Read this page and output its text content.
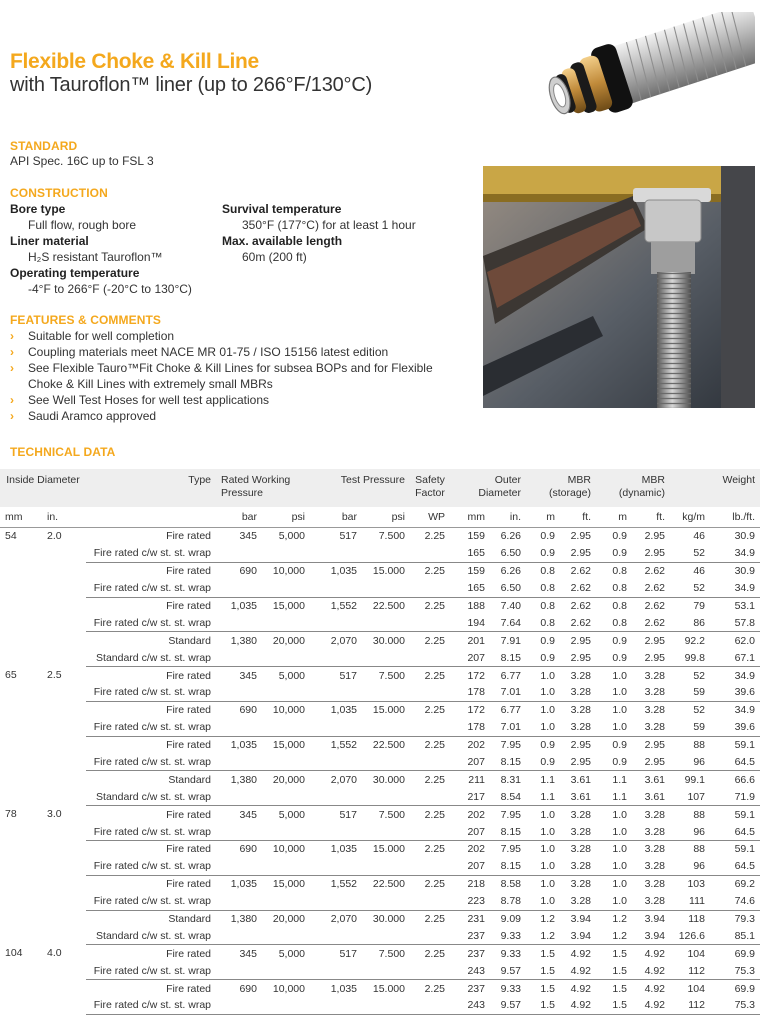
Flexible Choke & Kill Line
with Tauroflon™ liner (up to 266°F/130°C)
STANDARD
API Spec. 16C up to FSL 3
CONSTRUCTION
Bore type
Full flow, rough bore
Liner material
H₂S resistant Tauroflon™
Operating temperature
-4°F to 266°F (-20°C to 130°C)
Survival temperature
350°F (177°C) for at least 1 hour
Max. available length
60m (200 ft)
FEATURES & COMMENTS
› Suitable for well completion
› Coupling materials meet NACE MR 01-75 / ISO 15156 latest edition
› See Flexible Tauro™Fit Choke & Kill Lines for subsea BOPs and for Flexible Choke & Kill Lines with extremely small MBRs
› See Well Test Hoses for well test applications
› Saudi Aramco approved
TECHNICAL DATA
Inside Diameter		Type	Rated Working Pressure		Test Pressure		Safety Factor	Outer Diameter		MBR (storage)		MBR (dynamic)		Weight	
mm	in.		bar	psi	bar	psi	WP	mm	in.	m	ft.	m	ft.	kg/m	lb./ft.
54	2.0	Fire rated	345	5,000	517	7.500	2.25	159	6.26	0.9	2.95	0.9	2.95	46	30.9
		Fire rated c/w st. st. wrap						165	6.50	0.9	2.95	0.9	2.95	52	34.9
		Fire rated	690	10,000	1,035	15.000	2.25	159	6.26	0.8	2.62	0.8	2.62	46	30.9
		Fire rated c/w st. st. wrap						165	6.50	0.8	2.62	0.8	2.62	52	34.9
		Fire rated	1,035	15,000	1,552	22.500	2.25	188	7.40	0.8	2.62	0.8	2.62	79	53.1
		Fire rated c/w st. st. wrap						194	7.64	0.8	2.62	0.8	2.62	86	57.8
		Standard	1,380	20,000	2,070	30.000	2.25	201	7.91	0.9	2.95	0.9	2.95	92.2	62.0
		Standard c/w st. st. wrap						207	8.15	0.9	2.95	0.9	2.95	99.8	67.1
65	2.5	Fire rated	345	5,000	517	7.500	2.25	172	6.77	1.0	3.28	1.0	3.28	52	34.9
		Fire rated c/w st. st. wrap						178	7.01	1.0	3.28	1.0	3.28	59	39.6
		Fire rated	690	10,000	1,035	15.000	2.25	172	6.77	1.0	3.28	1.0	3.28	52	34.9
		Fire rated c/w st. st. wrap						178	7.01	1.0	3.28	1.0	3.28	59	39.6
		Fire rated	1,035	15,000	1,552	22.500	2.25	202	7.95	0.9	2.95	0.9	2.95	88	59.1
		Fire rated c/w st. st. wrap						207	8.15	0.9	2.95	0.9	2.95	96	64.5
		Standard	1,380	20,000	2,070	30.000	2.25	211	8.31	1.1	3.61	1.1	3.61	99.1	66.6
		Standard c/w st. st. wrap						217	8.54	1.1	3.61	1.1	3.61	107	71.9
78	3.0	Fire rated	345	5,000	517	7.500	2.25	202	7.95	1.0	3.28	1.0	3.28	88	59.1
		Fire rated c/w st. st. wrap						207	8.15	1.0	3.28	1.0	3.28	96	64.5
		Fire rated	690	10,000	1,035	15.000	2.25	202	7.95	1.0	3.28	1.0	3.28	88	59.1
		Fire rated c/w st. st. wrap						207	8.15	1.0	3.28	1.0	3.28	96	64.5
		Fire rated	1,035	15,000	1,552	22.500	2.25	218	8.58	1.0	3.28	1.0	3.28	103	69.2
		Fire rated c/w st. st. wrap						223	8.78	1.0	3.28	1.0	3.28	111	74.6
		Standard	1,380	20,000	2,070	30.000	2.25	231	9.09	1.2	3.94	1.2	3.94	118	79.3
		Standard c/w st. st. wrap						237	9.33	1.2	3.94	1.2	3.94	126.6	85.1
104	4.0	Fire rated	345	5,000	517	7.500	2.25	237	9.33	1.5	4.92	1.5	4.92	104	69.9
		Fire rated c/w st. st. wrap						243	9.57	1.5	4.92	1.5	4.92	112	75.3
		Fire rated	690	10,000	1,035	15.000	2.25	237	9.33	1.5	4.92	1.5	4.92	104	69.9
		Fire rated c/w st. st. wrap						243	9.57	1.5	4.92	1.5	4.92	112	75.3
